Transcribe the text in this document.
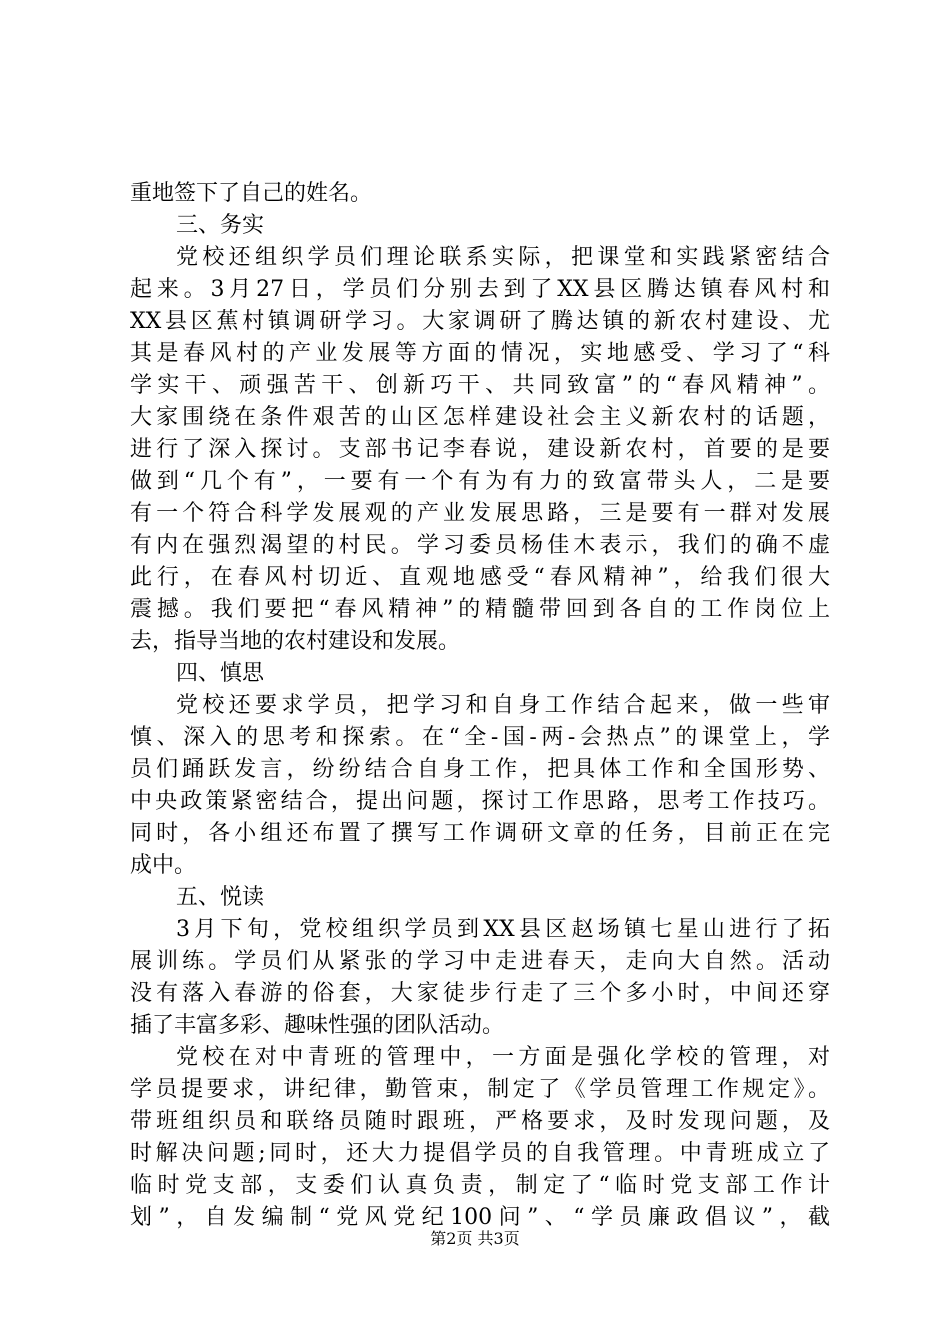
重地签下了自己的姓名。
三、务实
党校还组织学员们理论联系实际，把课堂和实践紧密结合
起来。3月27日，学员们分别去到了XX县区腾达镇春风村和
XX县区蕉村镇调研学习。大家调研了腾达镇的新农村建设、尤
其是春风村的产业发展等方面的情况，实地感受、学习了“科
学实干、顽强苦干、创新巧干、共同致富”的“春风精神”。
大家围绕在条件艰苦的山区怎样建设社会主义新农村的话题，
进行了深入探讨。支部书记李春说，建设新农村，首要的是要
做到“几个有”，一要有一个有为有力的致富带头人，二是要
有一个符合科学发展观的产业发展思路，三是要有一群对发展
有内在强烈渴望的村民。学习委员杨佳木表示，我们的确不虚
此行，在春风村切近、直观地感受“春风精神”，给我们很大
震撼。我们要把“春风精神”的精髓带回到各自的工作岗位上
去，指导当地的农村建设和发展。
四、慎思
党校还要求学员，把学习和自身工作结合起来，做一些审
慎、深入的思考和探索。在“全-国-两-会热点”的课堂上，学
员们踊跃发言，纷纷结合自身工作，把具体工作和全国形势、
中央政策紧密结合，提出问题，探讨工作思路，思考工作技巧。
同时，各小组还布置了撰写工作调研文章的任务，目前正在完
成中。
五、悦读
3月下旬，党校组织学员到XX县区赵场镇七星山进行了拓
展训练。学员们从紧张的学习中走进春天，走向大自然。活动
没有落入春游的俗套，大家徒步行走了三个多小时，中间还穿
插了丰富多彩、趣味性强的团队活动。
党校在对中青班的管理中，一方面是强化学校的管理，对
学员提要求，讲纪律，勤管束，制定了《学员管理工作规定》。
带班组织员和联络员随时跟班，严格要求，及时发现问题，及
时解决问题;同时，还大力提倡学员的自我管理。中青班成立了
临时党支部，支委们认真负责，制定了“临时党支部工作计
划”，自发编制“党风党纪100问”、“学员廉政倡议”，截
第2页 共3页
